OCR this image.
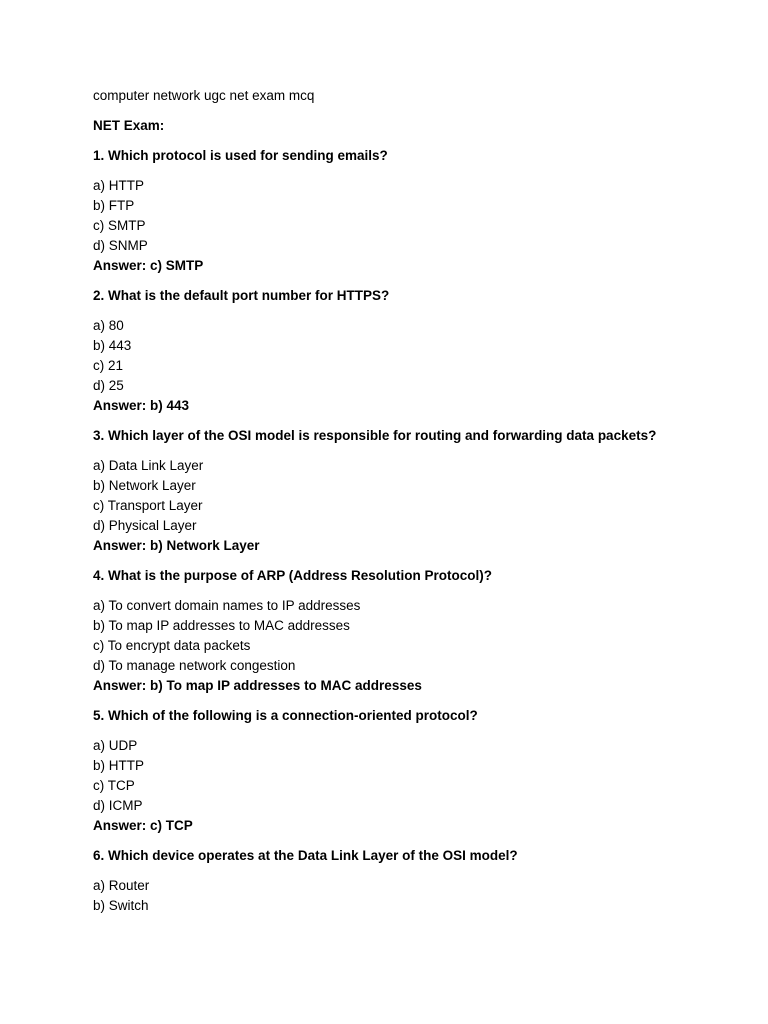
computer network ugc net exam mcq

NET Exam:

1. Which protocol is used for sending emails?

a) HTTP

b) FTP

c) SMTP

d) SNMP

Answer: c) SMTP

2. What is the default port number for HTTPS?

a) 80

b) 443

c) 21

d) 25

Answer: b) 443

3. Which layer of the OSI model is responsible for routing and forwarding data packets?

a) Data Link Layer

b) Network Layer

c) Transport Layer

d) Physical Layer

Answer: b) Network Layer

4. What is the purpose of ARP (Address Resolution Protocol)?

a) To convert domain names to IP addresses

b) To map IP addresses to MAC addresses

c) To encrypt data packets

d) To manage network congestion

Answer: b) To map IP addresses to MAC addresses

5. Which of the following is a connection-oriented protocol?

a) UDP

b) HTTP

c) TCP

d) ICMP

Answer: c) TCP

6. Which device operates at the Data Link Layer of the OSI model?

a) Router

b) Switch
